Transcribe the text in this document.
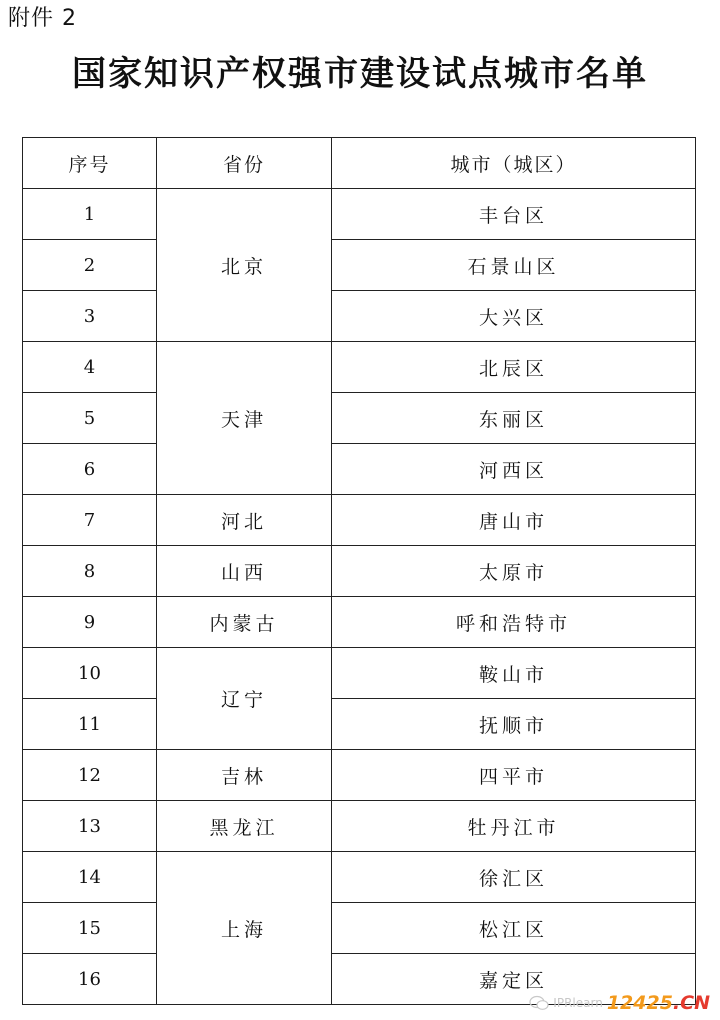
附件 2
国家知识产权强市建设试点城市名单
序号	省份	城市（城区）
1	北京	丰台区
2		石景山区
3		大兴区
4	天津	北辰区
5		东丽区
6		河西区
7	河北	唐山市
8	山西	太原市
9	内蒙古	呼和浩特市
10	辽宁	鞍山市
11		抚顺市
12	吉林	四平市
13	黑龙江	牡丹江市
14	上海	徐汇区
15		松江区
16		嘉定区
IPRlearn 12425.CN
